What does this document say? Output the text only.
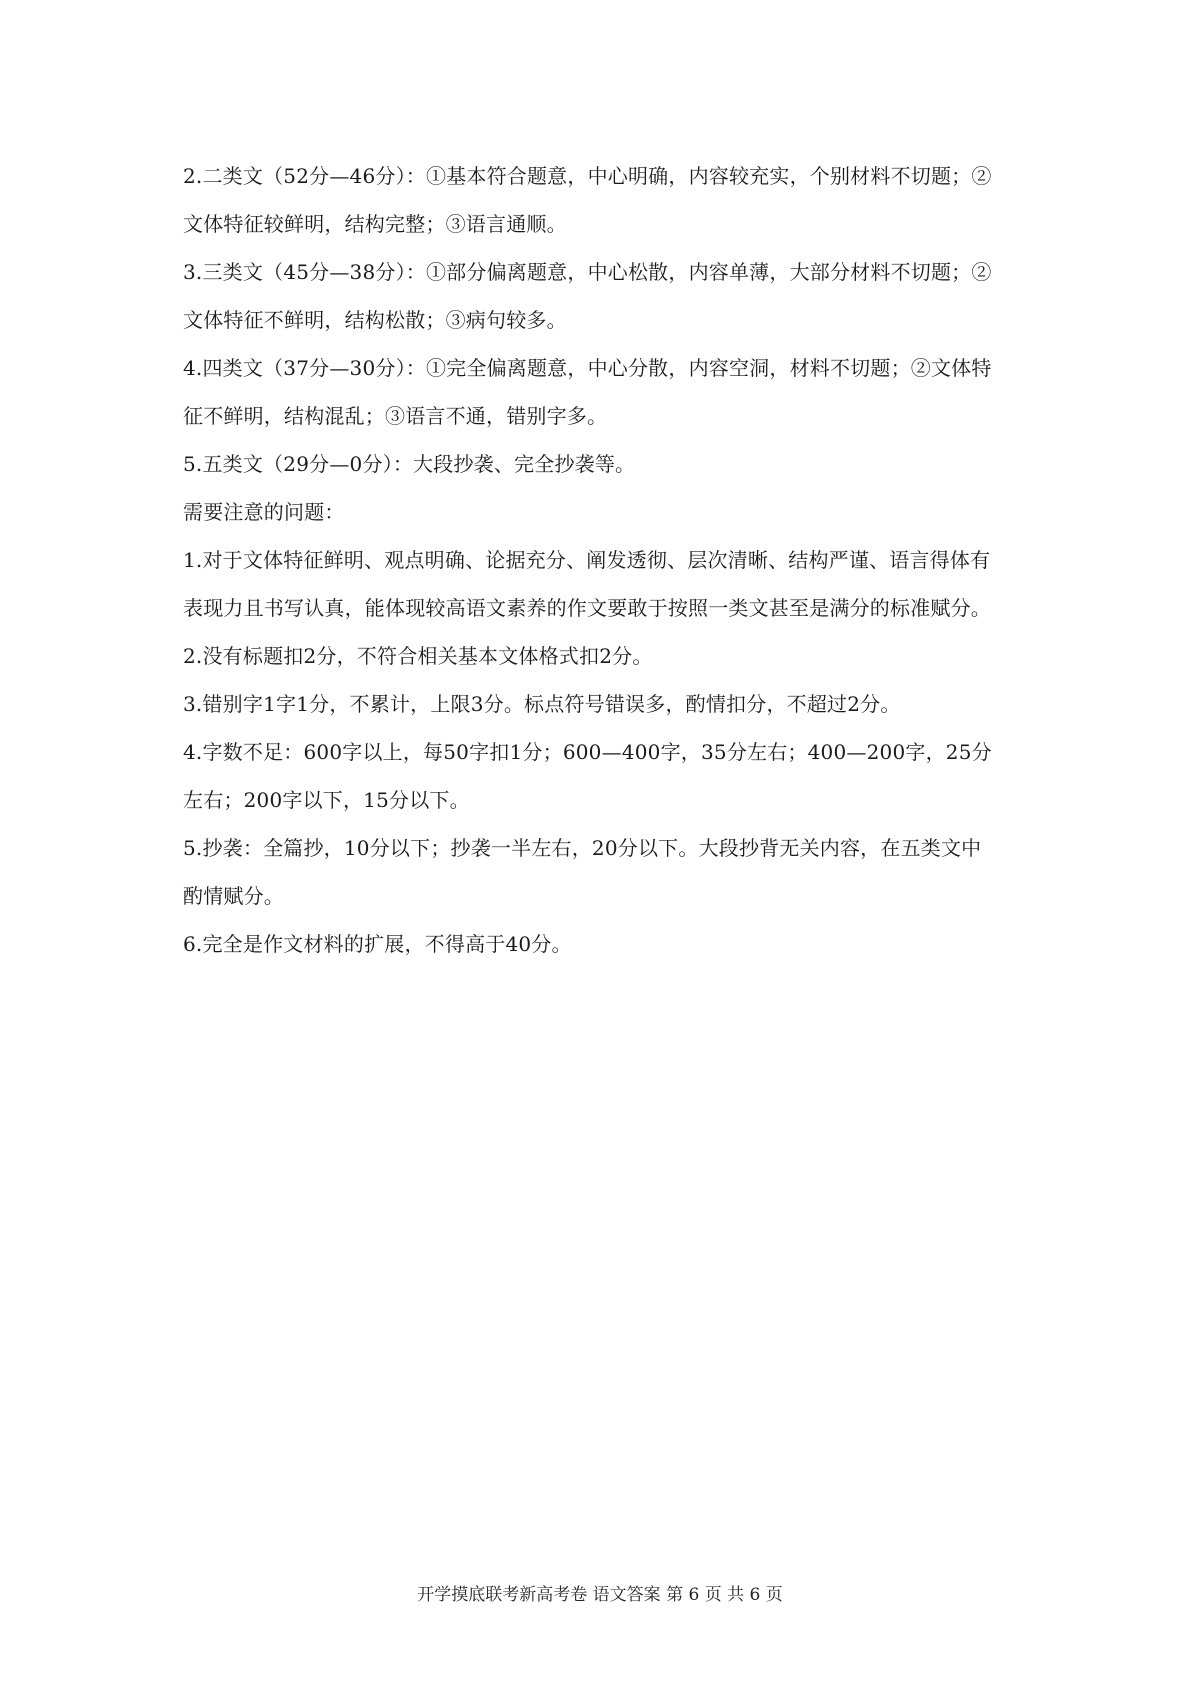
2.二类文（52分—46分）：①基本符合题意，中心明确，内容较充实，个别材料不切题；②
文体特征较鲜明，结构完整；③语言通顺。
3.三类文（45分—38分）：①部分偏离题意，中心松散，内容单薄，大部分材料不切题；②
文体特征不鲜明，结构松散；③病句较多。
4.四类文（37分—30分）：①完全偏离题意，中心分散，内容空洞，材料不切题；②文体特
征不鲜明，结构混乱；③语言不通，错别字多。
5.五类文（29分—0分）：大段抄袭、完全抄袭等。
需要注意的问题：
1.对于文体特征鲜明、观点明确、论据充分、阐发透彻、层次清晰、结构严谨、语言得体有
表现力且书写认真，能体现较高语文素养的作文要敢于按照一类文甚至是满分的标准赋分。
2.没有标题扣2分，不符合相关基本文体格式扣2分。
3.错别字1字1分，不累计，上限3分。标点符号错误多，酌情扣分，不超过2分。
4.字数不足：600字以上，每50字扣1分；600—400字，35分左右；400—200字，25分
左右；200字以下，15分以下。
5.抄袭：全篇抄，10分以下；抄袭一半左右，20分以下。大段抄背无关内容，在五类文中
酌情赋分。
6.完全是作文材料的扩展，不得高于40分。
开学摸底联考新高考卷 语文答案 第 6 页 共 6 页
